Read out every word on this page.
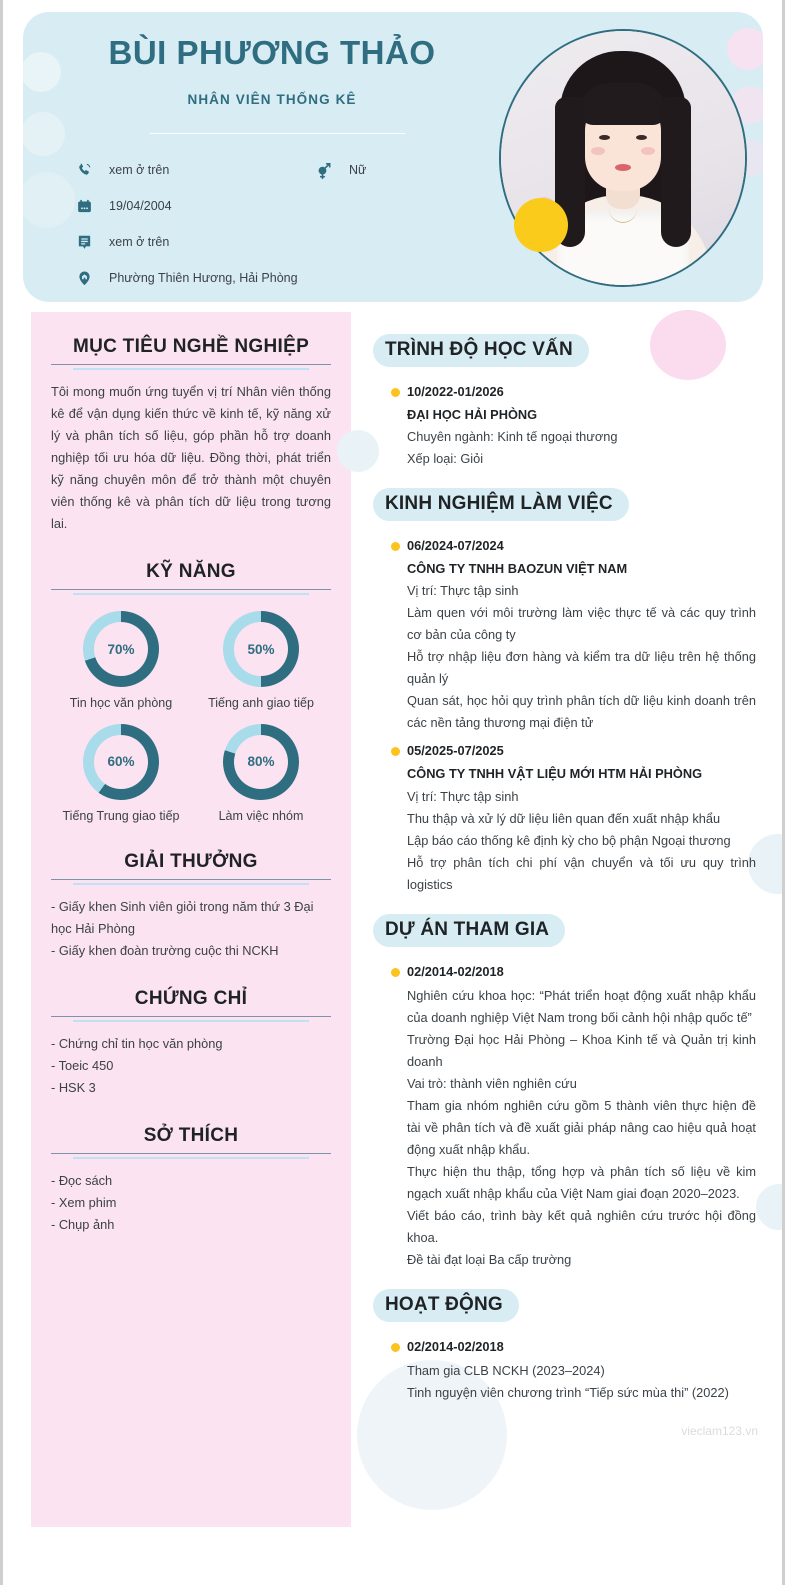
BÙI PHƯƠNG THẢO
NHÂN VIÊN THỐNG KÊ
xem ở trên
19/04/2004
xem ở trên
Phường Thiên Hương, Hải Phòng
Nữ
MỤC TIÊU NGHỀ NGHIỆP
Tôi mong muốn ứng tuyển vị trí Nhân viên thống kê để vận dụng kiến thức về kinh tế, kỹ năng xử lý và phân tích số liệu, góp phần hỗ trợ doanh nghiệp tối ưu hóa dữ liệu. Đồng thời, phát triển kỹ năng chuyên môn để trở thành một chuyên viên thống kê và phân tích dữ liệu trong tương lai.
KỸ NĂNG
70%
Tin học văn phòng
50%
Tiếng anh giao tiếp
60%
Tiếng Trung giao tiếp
80%
Làm việc nhóm
GIẢI THƯỞNG
- Giấy khen Sinh viên giỏi trong năm thứ 3 Đại học Hải Phòng
- Giấy khen đoàn trường cuộc thi NCKH
CHỨNG CHỈ
- Chứng chỉ tin học văn phòng
- Toeic 450
- HSK 3
SỞ THÍCH
- Đọc sách
- Xem phim
- Chụp ảnh
TRÌNH ĐỘ HỌC VẤN
10/2022-01/2026
ĐẠI HỌC HẢI PHÒNG
Chuyên ngành: Kinh tế ngoại thương
Xếp loại: Giỏi
KINH NGHIỆM LÀM VIỆC
06/2024-07/2024
CÔNG TY TNHH BAOZUN VIỆT NAM
Vị trí: Thực tập sinh
Làm quen với môi trường làm việc thực tế và các quy trình cơ bản của công ty
Hỗ trợ nhập liệu đơn hàng và kiểm tra dữ liệu trên hệ thống quản lý
Quan sát, học hỏi quy trình phân tích dữ liệu kinh doanh trên các nền tảng thương mại điện tử
05/2025-07/2025
CÔNG TY TNHH VẬT LIỆU MỚI HTM HẢI PHÒNG
Vị trí: Thực tập sinh
Thu thập và xử lý dữ liệu liên quan đến xuất nhập khẩu
Lập báo cáo thống kê định kỳ cho bộ phận Ngoại thương
Hỗ trợ phân tích chi phí vận chuyển và tối ưu quy trình logistics
DỰ ÁN THAM GIA
02/2014-02/2018
Nghiên cứu khoa học: “Phát triển hoạt động xuất nhập khẩu của doanh nghiệp Việt Nam trong bối cảnh hội nhập quốc tế”
Trường Đại học Hải Phòng – Khoa Kinh tế và Quản trị kinh doanh
Vai trò: thành viên nghiên cứu
Tham gia nhóm nghiên cứu gồm 5 thành viên thực hiện đề tài về phân tích và đề xuất giải pháp nâng cao hiệu quả hoạt động xuất nhập khẩu.
Thực hiện thu thập, tổng hợp và phân tích số liệu về kim ngạch xuất nhập khẩu của Việt Nam giai đoạn 2020–2023.
Viết báo cáo, trình bày kết quả nghiên cứu trước hội đồng khoa.
Đề tài đạt loại Ba cấp trường
HOẠT ĐỘNG
02/2014-02/2018
Tham gia CLB NCKH (2023–2024)
Tinh nguyện viên chương trình “Tiếp sức mùa thi” (2022)
vieclam123.vn
